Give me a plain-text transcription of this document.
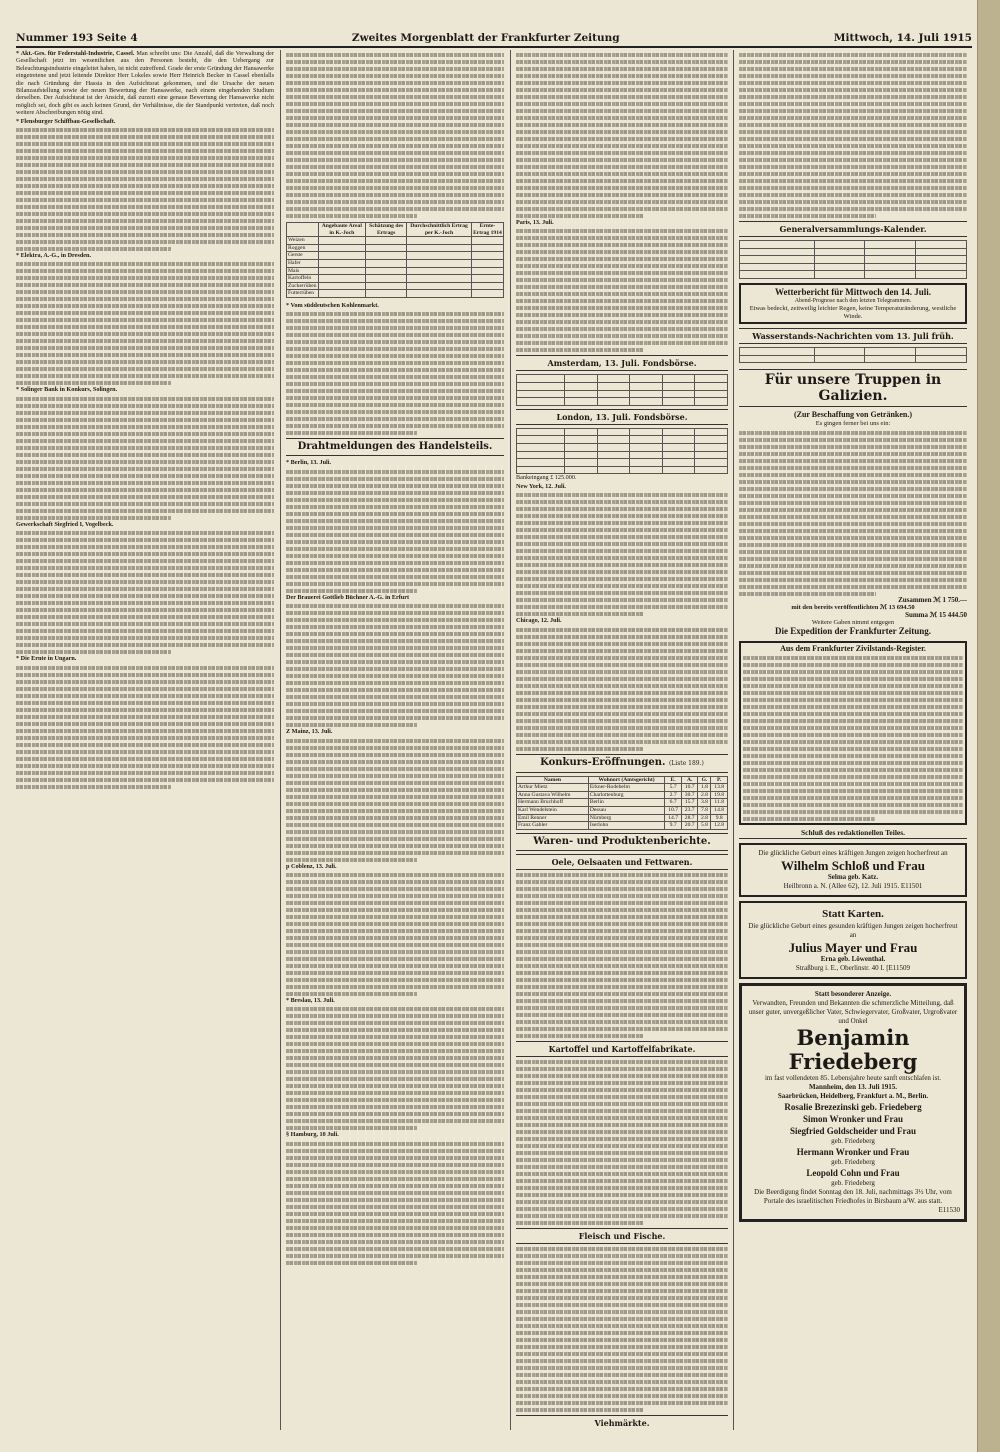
Nummer 193 Seite 4	Zweites Morgenblatt der Frankfurter Zeitung	Mittwoch, 14. Juli 1915

* Akt.-Ges. für Federstahl-Industrie, Cassel. Man schreibt uns: Die Anzahl, daß die Verwaltung der Gesellschaft jetzt im wesentlichen aus den Personen besteht, die den Uebergang zur Beleuchtungsindustrie eingeleitet haben, ist nicht zutreffend. Grade der erste Gründung der Hansawerke eingetretene und jetzt leitende Direktor Herr Lokeles sowie Herr Heinrich Becker in Cassel ebenfalls die nach Gründung der Hassia in den Aufsichtsrat gekommen, und die Ursache der neuen Bilanzaufstellung sowie der neuen Bewertung der Hansawerke, nach einem eingehenden Studium derselben. Der Aufsichtsrat ist der Ansicht, daß zurzeit eine genaue Bewertung der Hansawerke nicht möglich sei, doch gibt es auch keinen Grund, der Verhältnisse, die der Standpunkt vertreten, daß noch weitere Abschreibungen nötig sind.

* Flensburger Schiffbau-Gesellschaft.

* Elektra, A.-G., in Dresden.

* Solinger Bank in Konkurs, Solingen.

Gewerkschaft Siegfried I, Vogelbeck.

* Die Ernte in Ungarn.

	Angebaute Areal in K.-Joch	Schätzung des Ertrags	Durchschnittlich Ertrag per K.-Joch	Ernte-Ertrag 1914
Weizen				
Roggen				
Gerste				
Hafer				
Mais				
Kartoffeln				
Zuckerrüben				
Futterrüben				

* Vom süddeutschen Kohlenmarkt.

Drahtmeldungen des Handelsteils.

* Berlin, 13. Juli.

Der Brauerei Gottlieb Büchner A.-G. in Erfurt

Z Mainz, 13. Juli.

p Coblenz, 13. Juli.

* Breslau, 13. Juli.

§ Hamburg, 10 Juli.

Paris, 13. Juli.

Amsterdam, 13. Juli. Fondsbörse.

London, 13. Juli. Fondsbörse.

Bankeingang £ 125.000.

New York, 12. Juli.

Chicago, 12. Juli.

Konkurs-Eröffnungen. (Liste 189.)
Namen	Wohnort (Amtsgericht)	E.	A.	G.	P.
Arthur Mietz	Erkner-Rodebelm	5.7	10.7	1.8	13.8
Anna Gustava Wilhelm	Charlottenburg	2.7	30.7	2.8	19.8
Hermann Bruchhoff	Berlin	6.7	15.7	3.8	11.8
Karl Wendelstein	Dessau	10.7	23.7	7.8	14.8
Emil Renner	Nürnberg	14.7	28.7	2.8	9.8
Franz Gabler	Iserlohn	9.7	20.7	5.8	12.8
Waren- und Produktenberichte.
Oele, Oelsaaten und Fettwaren.

Kartoffel und Kartoffelfabrikate.

Fleisch und Fische.

Viehmärkte.

Generalversammlungs-Kalender.

Wetterbericht für Mittwoch den 14. Juli.
Abend-Prognose nach den letzten Telegrammen.
Etwas bedeckt, zeitweilig leichter Regen, keine Temperaturänderung, westliche Winde.
Wasserstands-Nachrichten vom 13. Juli früh.

Für unsere Truppen in Galizien.
(Zur Beschaffung von Getränken.)
Es gingen ferner bei uns ein:

Zusammen ℳ 1 750.—
mit den bereits veröffentlichten ℳ 13 694.50
Summa ℳ 15 444.50
Weitere Gaben nimmt entgegen
Die Expedition der Frankfurter Zeitung.
Aus dem Frankfurter Zivilstands-Register.

Schluß des redaktionellen Teiles.
Die glückliche Geburt eines kräftigen Jungen zeigen hocherfreut an
Wilhelm Schloß und Frau
Selma geb. Katz.
Heilbronn a. N. (Allee 62), 12. Juli 1915. E11501
Statt Karten.
Die glückliche Geburt eines gesunden kräftigen Jungen zeigen hocherfreut an
Julius Mayer und Frau
Erna geb. Löwenthal.
Straßburg i. E., Oberlinstr. 40 I. [E11509
Statt besonderer Anzeige.
Verwandten, Freunden und Bekannten die schmerzliche Mitteilung, daß unser guter, unvergeßlicher Vater, Schwiegervater, Großvater, Urgroßvater und Onkel
Benjamin Friedeberg
im fast vollendeten 85. Lebensjahre heute sanft entschlafen ist.
Mannheim, den 13. Juli 1915.
Saarbrücken, Heidelberg, Frankfurt a. M., Berlin.
Rosalie Brezezinski geb. Friedeberg
Simon Wronker und Frau
Siegfried Goldscheider und Frau
geb. Friedeberg
Hermann Wronker und Frau
geb. Friedeberg
Leopold Cohn und Frau
geb. Friedeberg
Die Beerdigung findet Sonntag den 18. Juli, nachmittags 3½ Uhr, vom Portale des israelitischen Friedhofes in Birsbaum a/W. aus statt.
E11530
